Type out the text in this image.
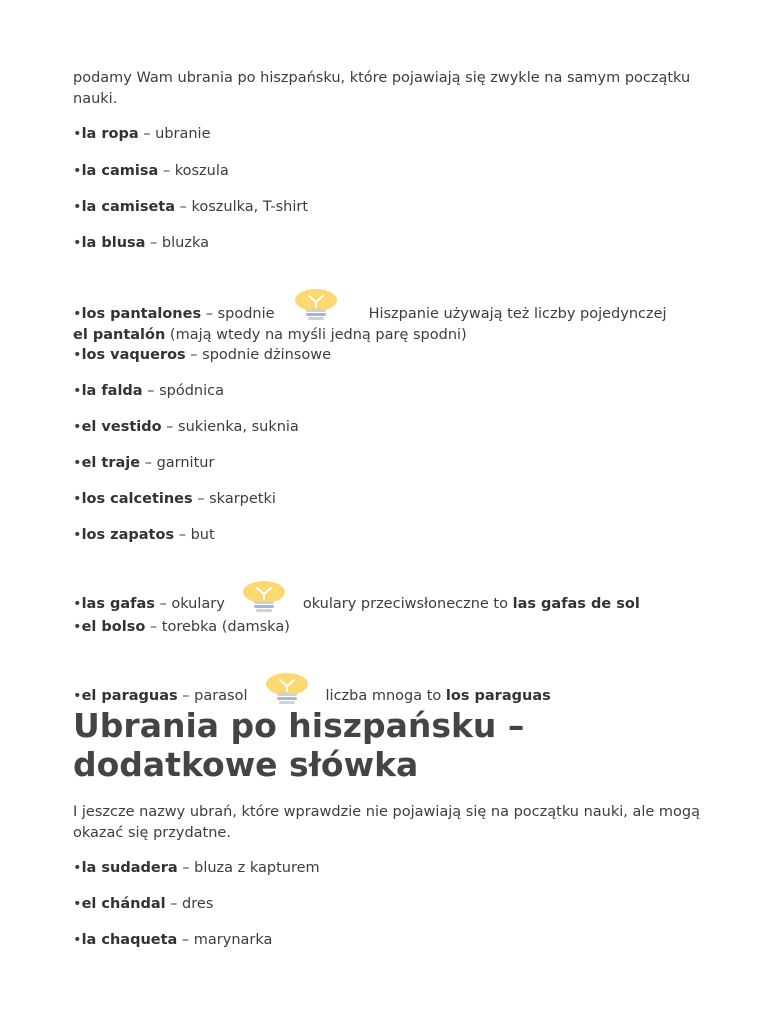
podamy Wam ubrania po hiszpańsku, które pojawiają się zwykle na samym początku nauki.

•la ropa – ubranie
•la camisa – koszula
•la camiseta – koszulka, T-shirt
•la blusa – bluzka
•los pantalones – spodnie	Hiszpanie używają też liczby pojedynczej el pantalón (mają wtedy na myśli jedną parę spodni)
•los vaqueros – spodnie dżinsowe
•la falda – spódnica
•el vestido – sukienka, suknia
•el traje – garnitur
•los calcetines – skarpetki
•los zapatos – but
•las gafas – okulary	okulary przeciwsłoneczne to las gafas de sol
•el bolso – torebka (damska)
•el paraguas – parasol	liczba mnoga to los paraguas
Ubrania po hiszpańsku – dodatkowe słówka

I jeszcze nazwy ubrań, które wprawdzie nie pojawiają się na początku nauki, ale mogą okazać się przydatne.

•la sudadera – bluza z kapturem
•el chándal – dres
•la chaqueta – marynarka
